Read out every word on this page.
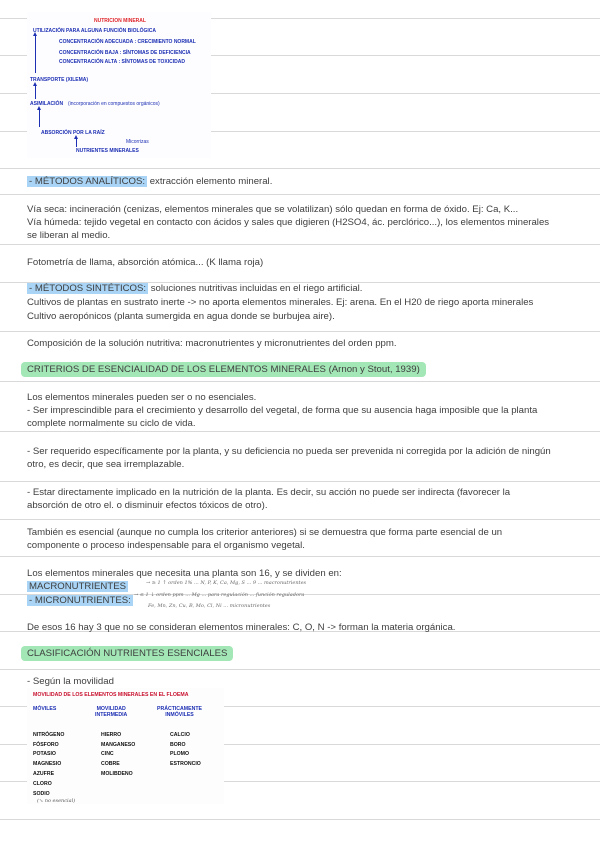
NUTRICION MINERAL
UTILIZACIÓN PARA ALGUNA FUNCIÓN BIOLÓGICA
CONCENTRACIÓN ADECUADA : CRECIMIENTO NORMAL
CONCENTRACIÓN BAJA : SÍNTOMAS DE DEFICIENCIA
CONCENTRACIÓN ALTA : SÍNTOMAS DE TOXICIDAD
TRANSPORTE (XILEMA)
ASIMILACIÓN (incorporación en compuestos orgánicos)
ABSORCIÓN POR LA RAÍZ
Micorrizas
NUTRIENTES MINERALES
- MÉTODOS ANALÍTICOS: extracción elemento mineral.
Vía seca: incineración (cenizas, elementos minerales que se volatilizan) sólo quedan en forma de óxido. Ej: Ca, K...
Vía húmeda: tejido vegetal en contacto con ácidos y sales que digieren (H2SO4, ác. perclórico...), los elementos minerales
se liberan al medio.
Fotometría de llama, absorción atómica... (K llama roja)
- MÉTODOS SINTÉTICOS: soluciones nutritivas incluidas en el riego artificial.
Cultivos de plantas en sustrato inerte -> no aporta elementos minerales. Ej: arena. En el H20 de riego aporta minerales
Cultivo aeropónicos (planta sumergida en agua donde se burbujea aire).
Composición de la solución nutritiva: macronutrientes y micronutrientes del orden ppm.
CRITERIOS DE ESENCIALIDAD DE LOS ELEMENTOS MINERALES (Arnon y Stout, 1939)
Los elementos minerales pueden ser o no esenciales.
- Ser imprescindible para el crecimiento y desarrollo del vegetal, de forma que su ausencia haga imposible que la planta
complete normalmente su ciclo de vida.
- Ser requerido específicamente por la planta, y su deficiencia no pueda ser prevenida ni corregida por la adición de ningún
otro, es decir, que sea irremplazable.
- Estar directamente implicado en la nutrición de la planta. Es decir, su acción no puede ser indirecta (favorecer la
absorción de otro el. o disminuir efectos tóxicos de otro).
También es esencial (aunque no cumpla los criterior anteriores) si se demuestra que forma parte esencial de un
componente o proceso indespensable para el organismo vegetal.
Los elementos minerales que necesita una planta son 16, y se dividen en:
MACRONUTRIENTES	→ ≥ 1 ↑ orden 1% ... N, P, K, Ca, Mg, S ... 9 ... macronutrientes
- MICRONUTRIENTES: → ≤ 1 ↓ orden ppm ... Mg ... para regulación ... función reguladora
Fe, Mn, Zn, Cu, B, Mo, Cl, Ni ... micronutrientes
De esos 16 hay 3 que no se consideran elementos minerales: C, O, N -> forman la materia orgánica.
CLASIFICACIÓN NUTRIENTES ESENCIALES
- Según la movilidad
MOVILIDAD DE LOS ELEMENTOS MINERALES EN EL FLOEMA
MÓVILES	MOVILIDAD
INTERMEDIA
PRÁCTICAMENTE
INMÓVILES
NITRÓGENO
FÓSFORO
POTASIO
MAGNESIO
AZUFRE
CLORO
SODIO
HIERRO
MANGANESO
CINC
COBRE
MOLIBDENO
CALCIO
BORO
PLOMO
ESTRONCIO
(↘ no esencial)
